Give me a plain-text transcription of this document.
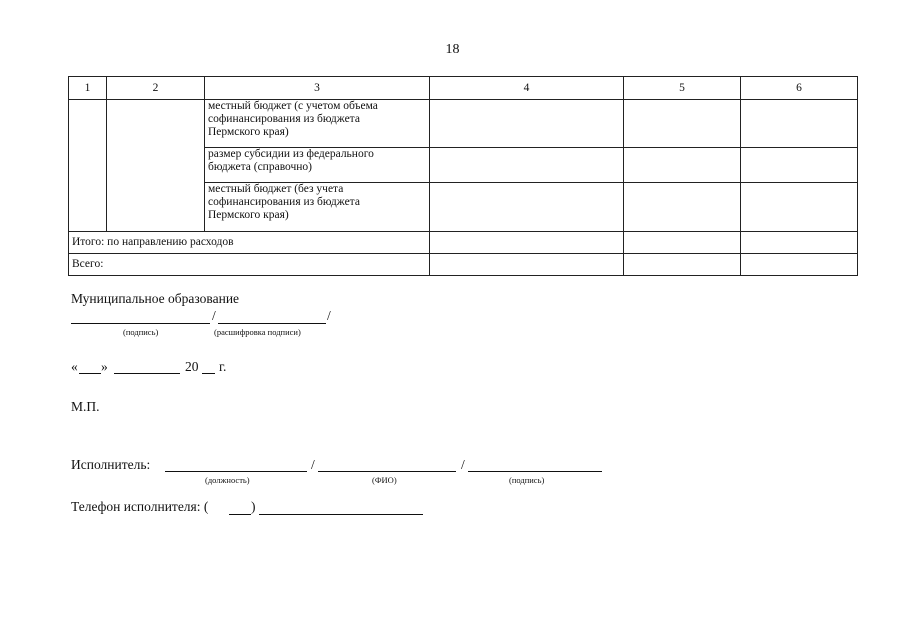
18
1	2	3	4	5	6
		местный бюджет (с учетом объема
софинансирования из бюджета
Пермского края)			
		размер субсидии из федерального
бюджета (справочно)			
		местный бюджет (без учета
софинансирования из бюджета
Пермского края)			
Итого: по направлению расходов					
Всего:					
Муниципальное образование
/	/
(подпись)	(расшифровка подписи)
« »	20 г.
М.П.
Исполнитель:	/	/
(должность)	(ФИО)	(подпись)
Телефон исполнителя: (	)
